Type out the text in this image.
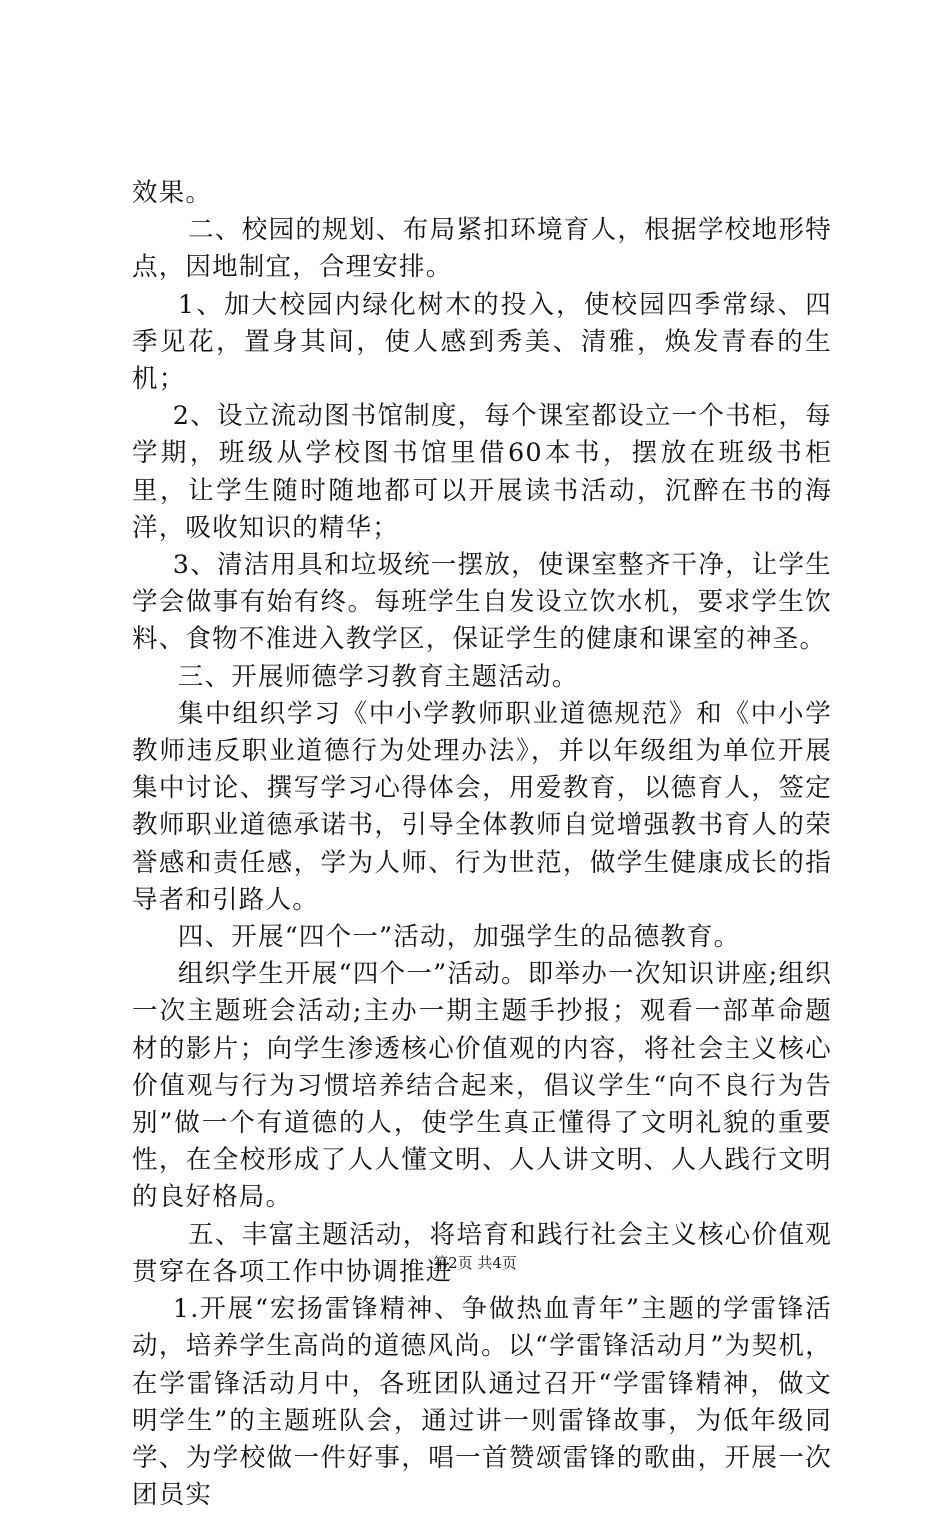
效果。

二、校园的规划、布局紧扣环境育人，根据学校地形特点，因地制宜，合理安排。

1、加大校园内绿化树木的投入，使校园四季常绿、四季见花，置身其间，使人感到秀美、清雅，焕发青春的生机；

2、设立流动图书馆制度，每个课室都设立一个书柜，每学期，班级从学校图书馆里借60本书，摆放在班级书柜里，让学生随时随地都可以开展读书活动，沉醉在书的海洋，吸收知识的精华；

3、清洁用具和垃圾统一摆放，使课室整齐干净，让学生学会做事有始有终。每班学生自发设立饮水机，要求学生饮料、食物不准进入教学区，保证学生的健康和课室的神圣。

三、开展师德学习教育主题活动。

集中组织学习《中小学教师职业道德规范》和《中小学教师违反职业道德行为处理办法》，并以年级组为单位开展集中讨论、撰写学习心得体会，用爱教育，以德育人，签定教师职业道德承诺书，引导全体教师自觉增强教书育人的荣誉感和责任感，学为人师、行为世范，做学生健康成长的指导者和引路人。

四、开展“四个一”活动，加强学生的品德教育。

组织学生开展“四个一”活动。即举办一次知识讲座;组织一次主题班会活动;主办一期主题手抄报；观看一部革命题材的影片；向学生渗透核心价值观的内容，将社会主义核心价值观与行为习惯培养结合起来，倡议学生“向不良行为告别”做一个有道德的人，使学生真正懂得了文明礼貌的重要性，在全校形成了人人懂文明、人人讲文明、人人践行文明的良好格局。

五、丰富主题活动，将培育和践行社会主义核心价值观贯穿在各项工作中协调推进

1.开展“宏扬雷锋精神、争做热血青年”主题的学雷锋活动，培养学生高尚的道德风尚。以“学雷锋活动月”为契机，在学雷锋活动月中，各班团队通过召开“学雷锋精神，做文明学生”的主题班队会，通过讲一则雷锋故事，为低年级同学、为学校做一件好事，唱一首赞颂雷锋的歌曲，开展一次团员实

第2页 共4页
